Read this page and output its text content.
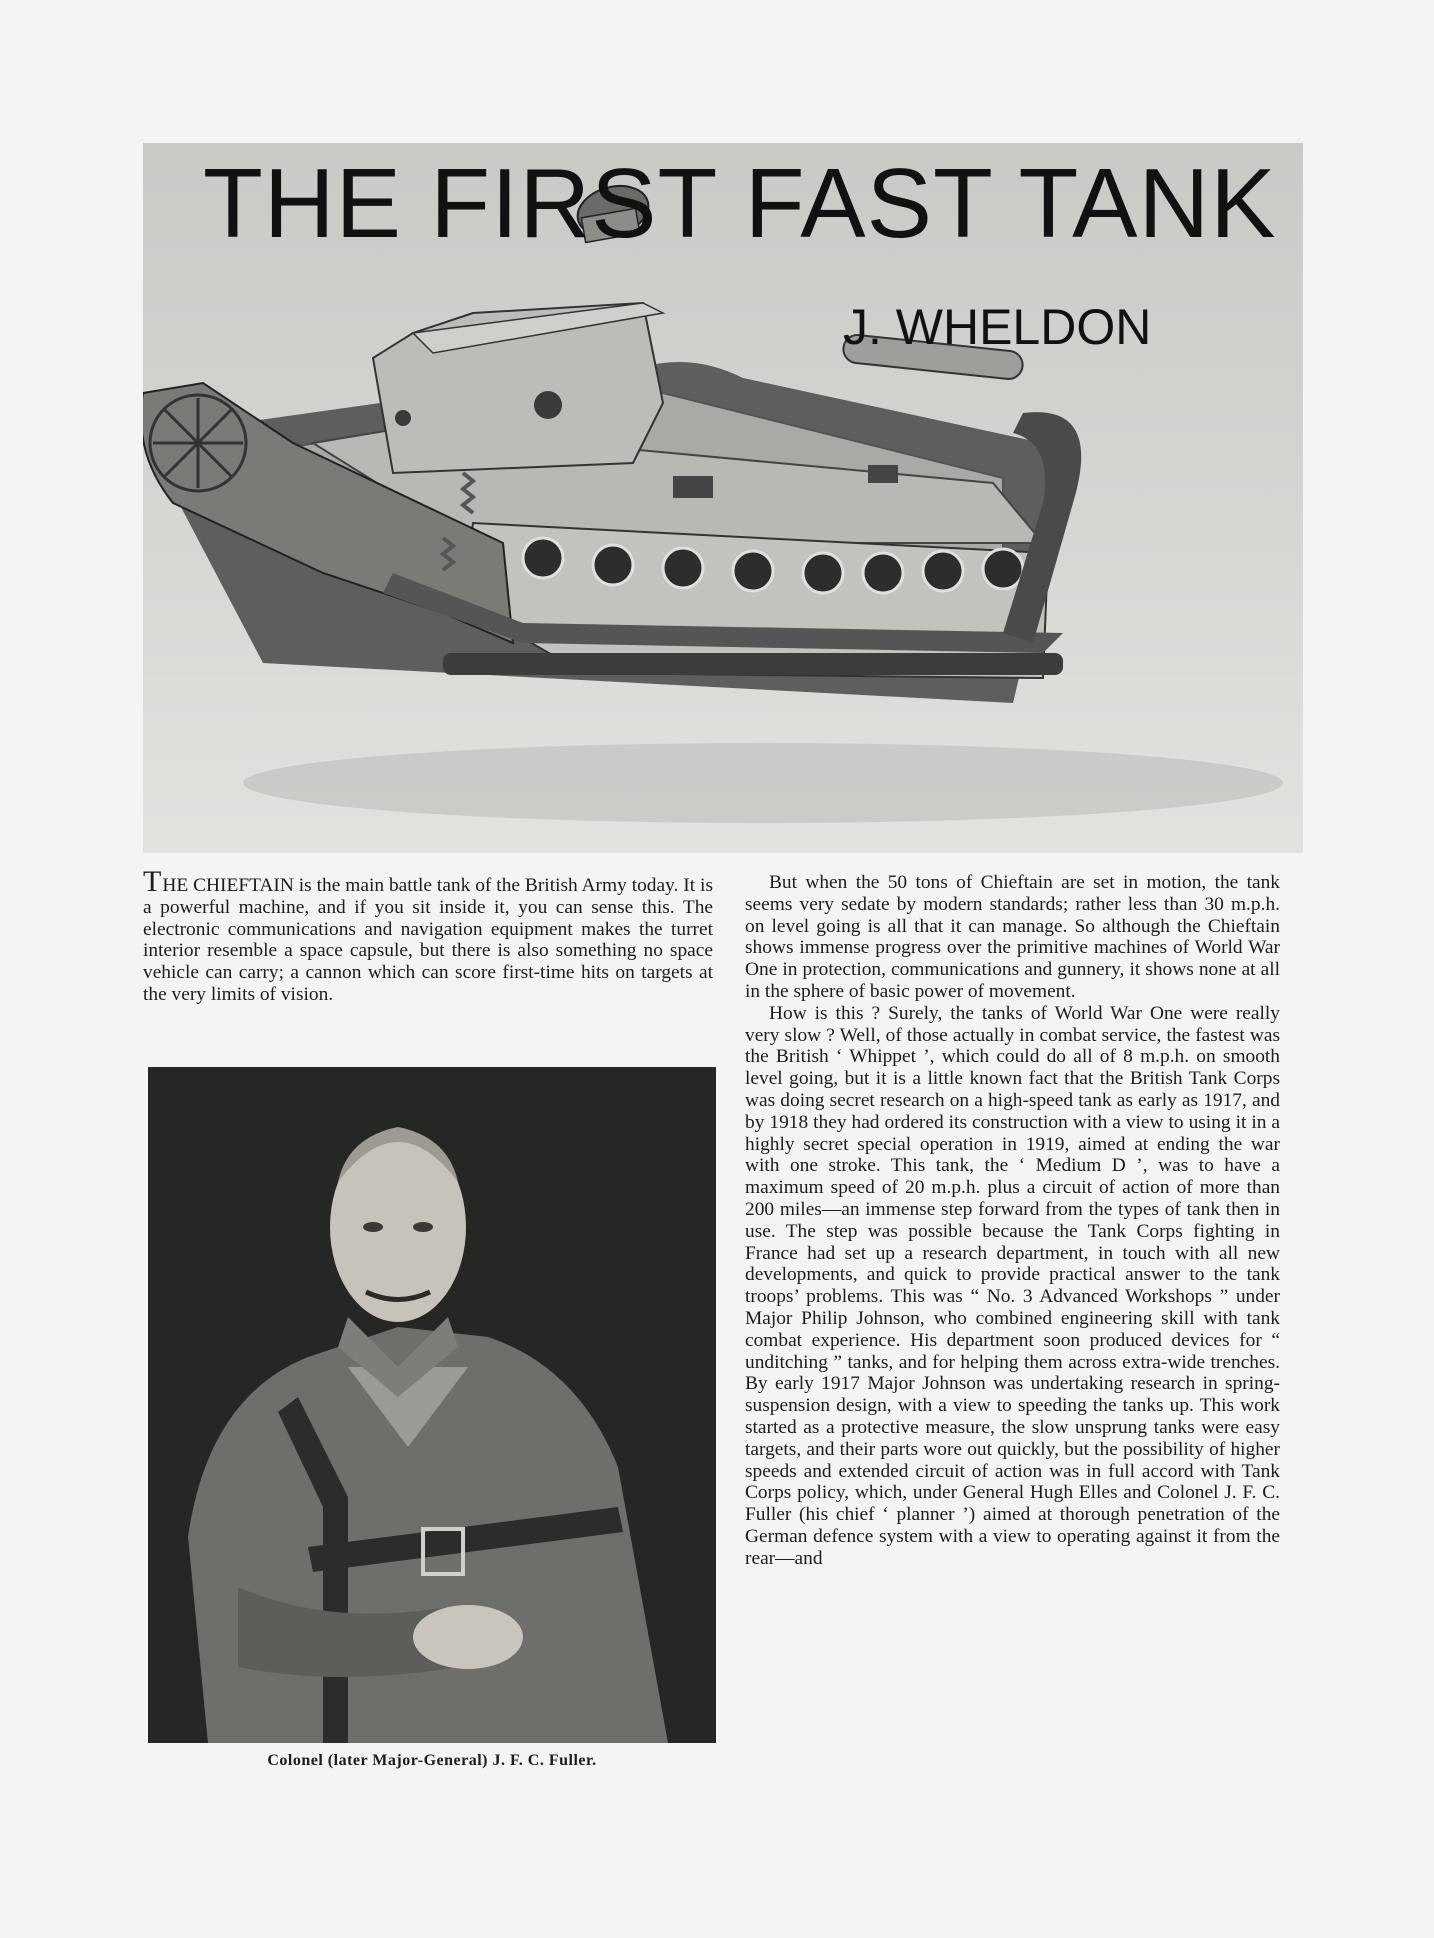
THE FIRST FAST TANK
J. WHELDON

THE CHIEFTAIN is the main battle tank of the British Army today. It is a powerful machine, and if you sit inside it, you can sense this. The electronic communications and navigation equipment makes the turret interior resemble a space capsule, but there is also something no space vehicle can carry; a cannon which can score first-time hits on targets at the very limits of vision.

Colonel (later Major-General) J. F. C. Fuller.

But when the 50 tons of Chieftain are set in motion, the tank seems very sedate by modern standards; rather less than 30 m.p.h. on level going is all that it can manage. So although the Chieftain shows immense progress over the primitive machines of World War One in protection, communications and gunnery, it shows none at all in the sphere of basic power of movement.

How is this ? Surely, the tanks of World War One were really very slow ? Well, of those actually in combat service, the fastest was the British ‘ Whippet ’, which could do all of 8 m.p.h. on smooth level going, but it is a little known fact that the British Tank Corps was doing secret research on a high-speed tank as early as 1917, and by 1918 they had ordered its construction with a view to using it in a highly secret special operation in 1919, aimed at ending the war with one stroke. This tank, the ‘ Medium D ’, was to have a maximum speed of 20 m.p.h. plus a circuit of action of more than 200 miles—an immense step forward from the types of tank then in use. The step was possible because the Tank Corps fighting in France had set up a research department, in touch with all new developments, and quick to provide practical answer to the tank troops’ problems. This was “ No. 3 Advanced Workshops ” under Major Philip Johnson, who combined engineering skill with tank combat experience. His department soon produced devices for “ unditching ” tanks, and for helping them across extra-wide trenches. By early 1917 Major Johnson was undertaking research in spring-suspension design, with a view to speeding the tanks up. This work started as a protective measure, the slow unsprung tanks were easy targets, and their parts wore out quickly, but the possibility of higher speeds and extended circuit of action was in full accord with Tank Corps policy, which, under General Hugh Elles and Colonel J. F. C. Fuller (his chief ‘ planner ’) aimed at thorough penetration of the German defence system with a view to operating against it from the rear—and
